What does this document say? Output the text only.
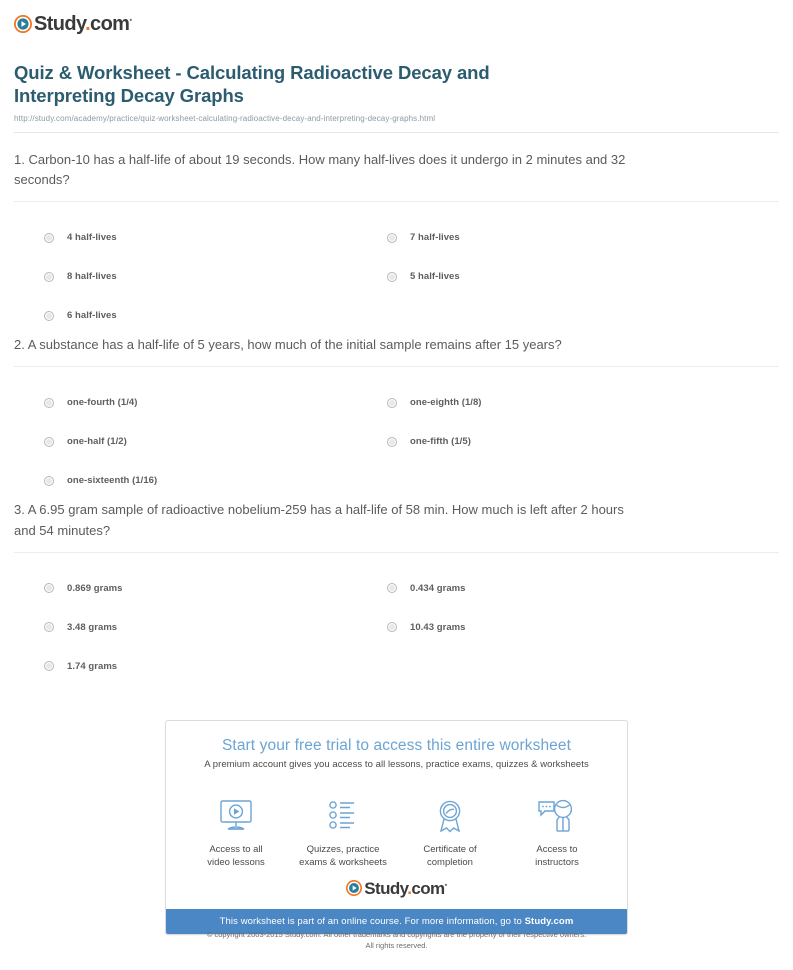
Study.com•
Quiz & Worksheet - Calculating Radioactive Decay and Interpreting Decay Graphs
http://study.com/academy/practice/quiz-worksheet-calculating-radioactive-decay-and-interpreting-decay-graphs.html

1. Carbon-10 has a half-life of about 19 seconds. How many half-lives does it undergo in 2 minutes and 32 seconds?

4 half-lives
8 half-lives
6 half-lives
7 half-lives
5 half-lives

2. A substance has a half-life of 5 years, how much of the initial sample remains after 15 years?

one-fourth (1/4)
one-half (1/2)
one-sixteenth (1/16)
one-eighth (1/8)
one-fifth (1/5)

3. A 6.95 gram sample of radioactive nobelium-259 has a half-life of 58 min. How much is left after 2 hours and 54 minutes?

0.869 grams
3.48 grams
1.74 grams
0.434 grams
10.43 grams
Start your free trial to access this entire worksheet
A premium account gives you access to all lessons, practice exams, quizzes & worksheets
Access to all
video lessons
Quizzes, practice
exams & worksheets
Certificate of
completion
Access to
instructors
Study.com•
This worksheet is part of an online course. For more information, go to Study.com
© copyright 2003-2015 Study.com. All other trademarks and copyrights are the property of their respective owners.
All rights reserved.
